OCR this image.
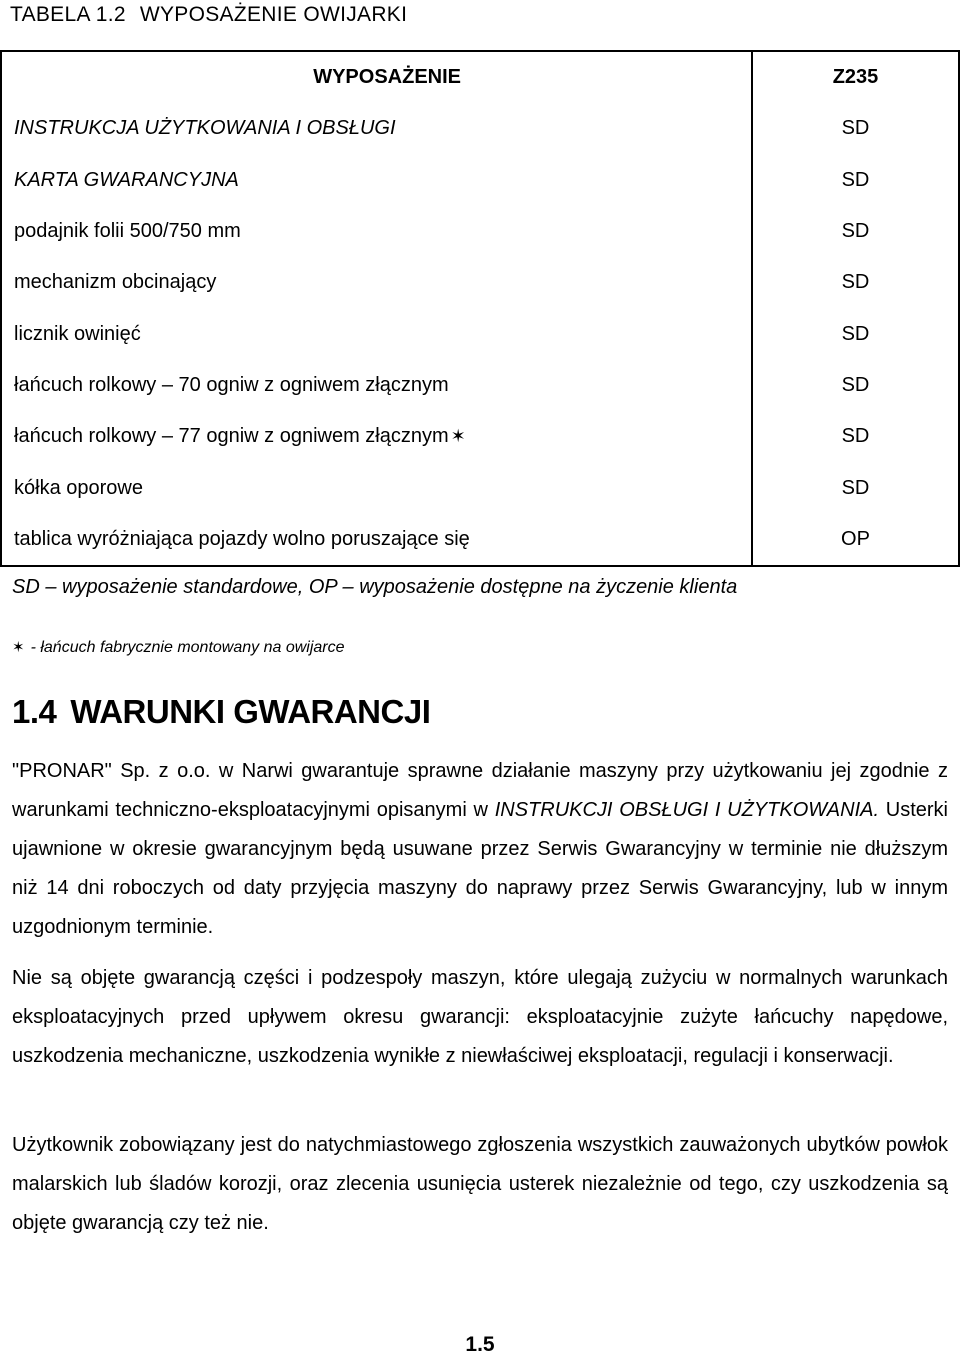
TABELA 1.2 WYPOSAŻENIE OWIJARKI
WYPOSAŻENIE	Z235
INSTRUKCJA UŻYTKOWANIA I OBSŁUGI	SD
KARTA GWARANCYJNA	SD
podajnik folii 500/750 mm	SD
mechanizm obcinający	SD
licznik owinięć	SD
łańcuch rolkowy – 70 ogniw z ogniwem złącznym	SD
łańcuch rolkowy – 77 ogniw z ogniwem złącznym ✶	SD
kółka oporowe	SD
tablica wyróżniająca pojazdy wolno poruszające się	OP

SD – wyposażenie standardowe, OP – wyposażenie dostępne na życzenie klienta

✶ - łańcuch fabrycznie montowany na owijarce

1.4 WARUNKI GWARANCJI

"PRONAR" Sp. z o.o. w Narwi gwarantuje sprawne działanie maszyny przy użytkowaniu jej zgodnie z warunkami techniczno-eksploatacyjnymi opisanymi w INSTRUKCJI OBSŁUGI I UŻYTKOWANIA. Usterki ujawnione w okresie gwarancyjnym będą usuwane przez Serwis Gwarancyjny w terminie nie dłuższym niż 14 dni roboczych od daty przyjęcia maszyny do naprawy przez Serwis Gwarancyjny, lub w innym uzgodnionym terminie.

Nie są objęte gwarancją części i podzespoły maszyn, które ulegają zużyciu w normalnych warunkach eksploatacyjnych przed upływem okresu gwarancji: eksploatacyjnie zużyte łańcuchy napędowe, uszkodzenia mechaniczne, uszkodzenia wynikłe z niewłaściwej eksploatacji, regulacji i konserwacji.

Użytkownik zobowiązany jest do natychmiastowego zgłoszenia wszystkich zauważonych ubytków powłok malarskich lub śladów korozji, oraz zlecenia usunięcia usterek niezależnie od tego, czy uszkodzenia są objęte gwarancją czy też nie.

1.5
